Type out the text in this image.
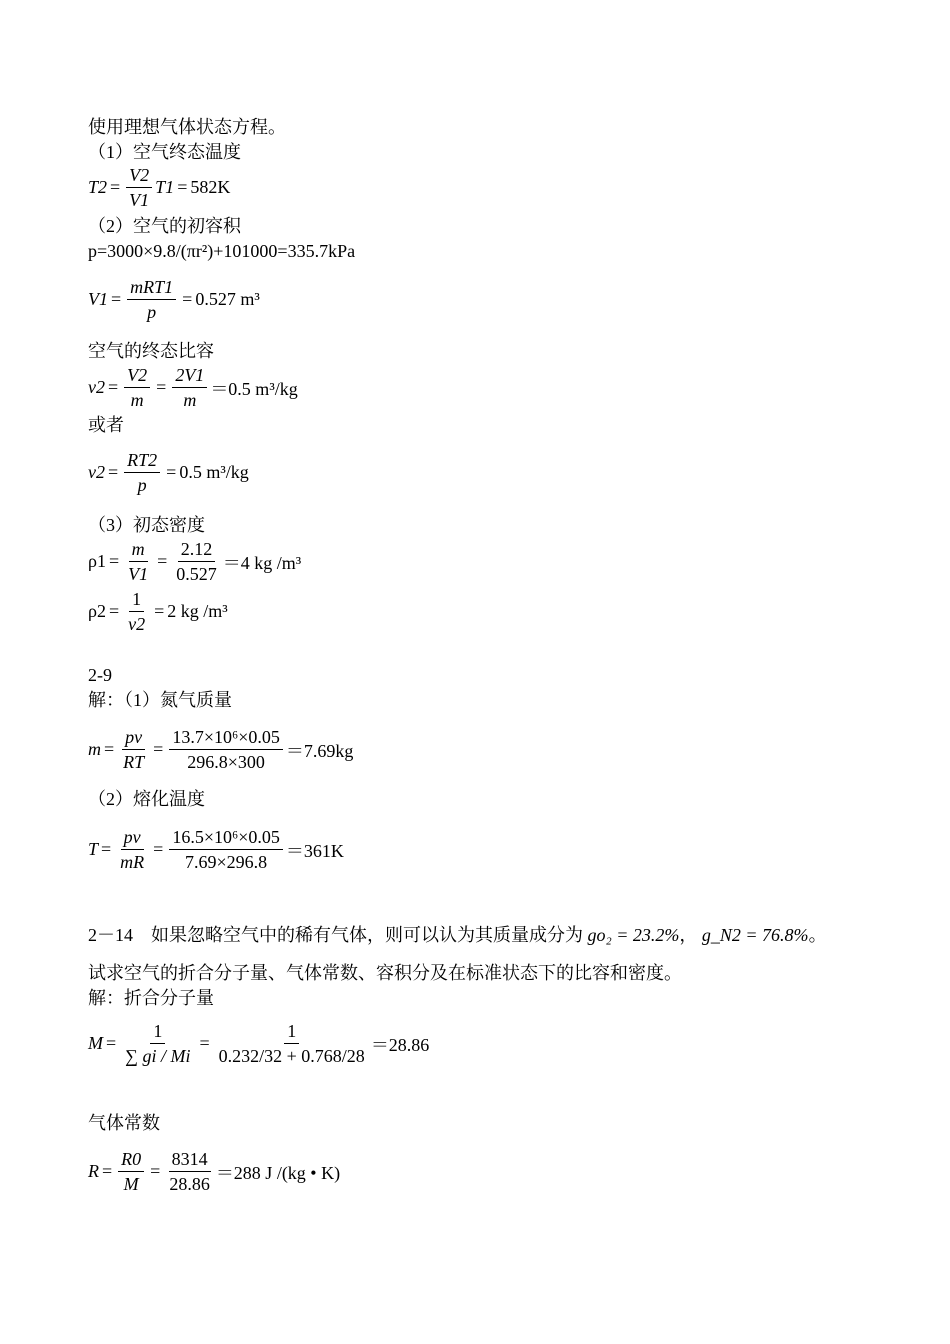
使用理想气体状态方程。
（1）空气终态温度
$T2 = \frac{V2}{V1} T1 = 582K$
（2）空气的初容积
p=3000×9.8/(πr²)+101000=335.7kPa
$V1 = \frac{\text{mRT1}}{p} = 0.527$ m³
空气的终态比容
$v2 = \frac{V2}{m} = \frac{2V1}{m} =0.5$ m³/kg
或者
$v2 = \frac{RT2}{p} = 0.5$ m³/kg
（3）初态密度
$\rho 1 = \frac{m}{V1} = \frac{2.12}{0.527} =4$ kg /m³
$\rho 2 = \frac{1}{v2} = 2$ kg /m³
2-9
解：（1）氮气质量
$m = \frac{pv}{RT} = \frac{\text{13.7×10⁶×0.05}}{296.8\times 300} =7.69kg$
（2）熔化温度
$T = \frac{pv}{mR} = \frac{\text{16.5×10⁶×0.05}}{7.69\times 296.8} =361K$
2－14　如果忽略空气中的稀有气体，则可以认为其质量成分为 go₂ = 23.2%， g_N2 = 76.8%。
试求空气的折合分子量、气体常数、容积分及在标准状态下的比容和密度。
解：折合分子量
$M = \frac{1}{\sum gi / Mi} = \frac{1}{0.232/32 + 0.768/28} =28.86$
气体常数
$R = \frac{R0}{M} = \frac{8314}{28.86} =288$ J /(kg • K)
